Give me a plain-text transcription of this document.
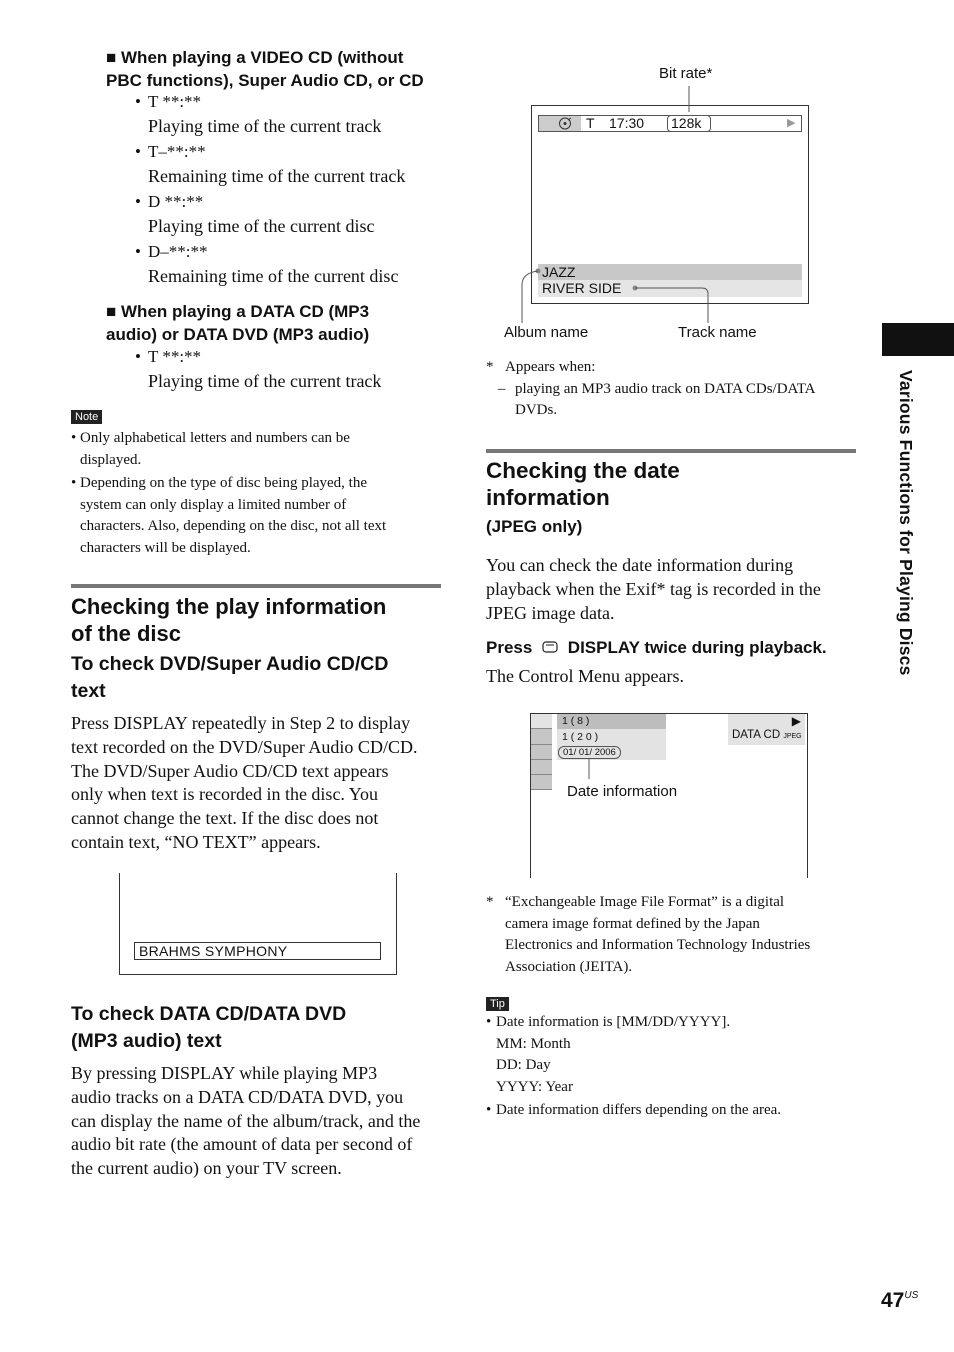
■ When playing a VIDEO CD (without
PBC functions), Super Audio CD, or CD
• T **:**
Playing time of the current track
• T–**:**
Remaining time of the current track
• D **:**
Playing time of the current disc
• D–**:**
Remaining time of the current disc
■ When playing a DATA CD (MP3
audio) or DATA DVD (MP3 audio)
• T **:**
Playing time of the current track
Note
• Only alphabetical letters and numbers can be
displayed.
• Depending on the type of disc being played, the
system can only display a limited number of
characters. Also, depending on the disc, not all text
characters will be displayed.
Checking the play information
of the disc
To check DVD/Super Audio CD/CD
text
Press DISPLAY repeatedly in Step 2 to display
text recorded on the DVD/Super Audio CD/CD.
The DVD/Super Audio CD/CD text appears
only when text is recorded in the disc. You
cannot change the text. If the disc does not
contain text, “NO TEXT” appears.
BRAHMS SYMPHONY
To check DATA CD/DATA DVD
(MP3 audio) text
By pressing DISPLAY while playing MP3
audio tracks on a DATA CD/DATA DVD, you
can display the name of the album/track, and the
audio bit rate (the amount of data per second of
the current audio) on your TV screen.
Bit rate*
T 17:30 128k	▶
JAZZ
RIVER SIDE
Album name	Track name
* Appears when:
– playing an MP3 audio track on DATA CDs/DATA
DVDs.
Checking the date
information
(JPEG only)
You can check the date information during
playback when the Exif* tag is recorded in the
JPEG image data.
Press DISPLAY twice during playback.
The Control Menu appears.
1 ( 8 )
1 ( 2 0 )
01/ 01/ 2006
▶
DATA CD JPEG
Date information
* “Exchangeable Image File Format” is a digital
camera image format defined by the Japan
Electronics and Information Technology Industries
Association (JEITA).
Tip
• Date information is [MM/DD/YYYY].
MM: Month
DD: Day
YYYY: Year
• Date information differs depending on the area.
Various Functions for Playing Discs
$47^{US}$
